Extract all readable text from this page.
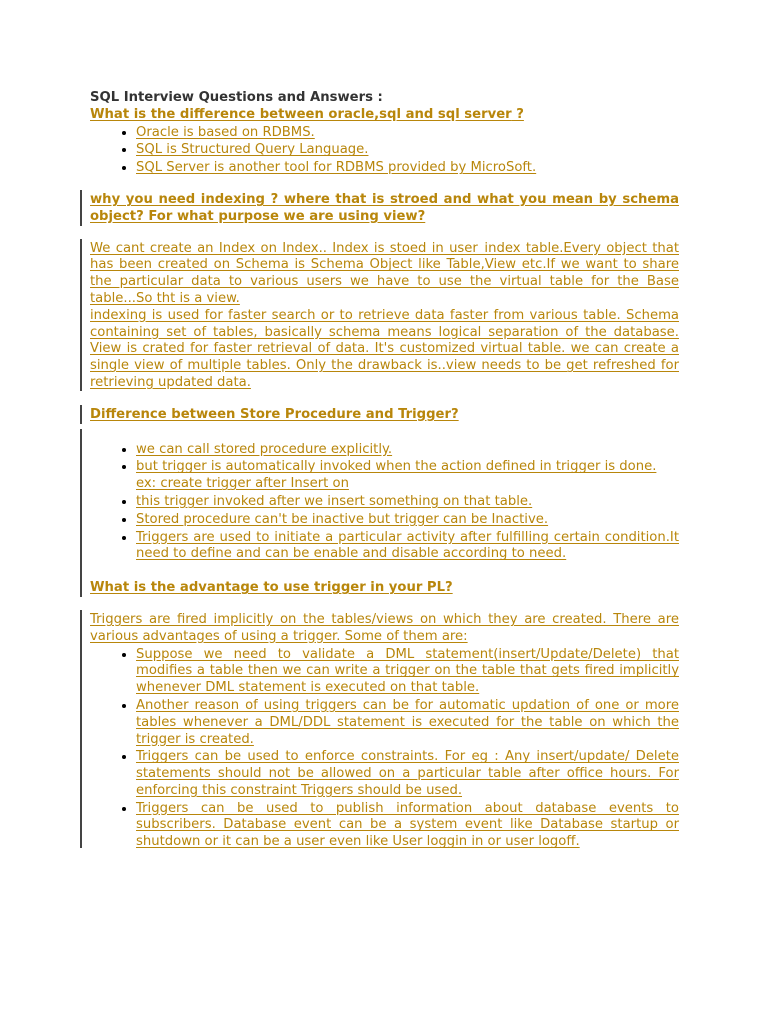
SQL Interview Questions and Answers :
What is the difference between oracle,sql and sql server ?
• Oracle is based on RDBMS.
• SQL is Structured Query Language.
• SQL Server is another tool for RDBMS provided by MicroSoft.

why you need indexing ? where that is stroed and what you mean by schema object? For what purpose we are using view?

We cant create an Index on Index.. Index is stoed in user_index table.Every object that has been created on Schema is Schema Object like Table,View etc.If we want to share the particular data to various users we have to use the virtual table for the Base table...So tht is a view.

indexing is used for faster search or to retrieve data faster from various table. Schema containing set of tables, basically schema means logical separation of the database. View is crated for faster retrieval of data. It's customized virtual table. we can create a single view of multiple tables. Only the drawback is..view needs to be get refreshed for retrieving updated data.

Difference between Store Procedure and Trigger?

• we can call stored procedure explicitly.
• but trigger is automatically invoked when the action defined in trigger is done.
ex: create trigger after Insert on
• this trigger invoked after we insert something on that table.
• Stored procedure can't be inactive but trigger can be Inactive.
• Triggers are used to initiate a particular activity after fulfilling certain condition.It need to define and can be enable and disable according to need.

What is the advantage to use trigger in your PL?

Triggers are fired implicitly on the tables/views on which they are created. There are various advantages of using a trigger. Some of them are:

• Suppose we need to validate a DML statement(insert/Update/Delete) that modifies a table then we can write a trigger on the table that gets fired implicitly whenever DML statement is executed on that table.
• Another reason of using triggers can be for automatic updation of one or more tables whenever a DML/DDL statement is executed for the table on which the trigger is created.
• Triggers can be used to enforce constraints. For eg : Any insert/update/ Delete statements should not be allowed on a particular table after office hours. For enforcing this constraint Triggers should be used.
• Triggers can be used to publish information about database events to subscribers. Database event can be a system event like Database startup or shutdown or it can be a user even like User loggin in or user logoff.
